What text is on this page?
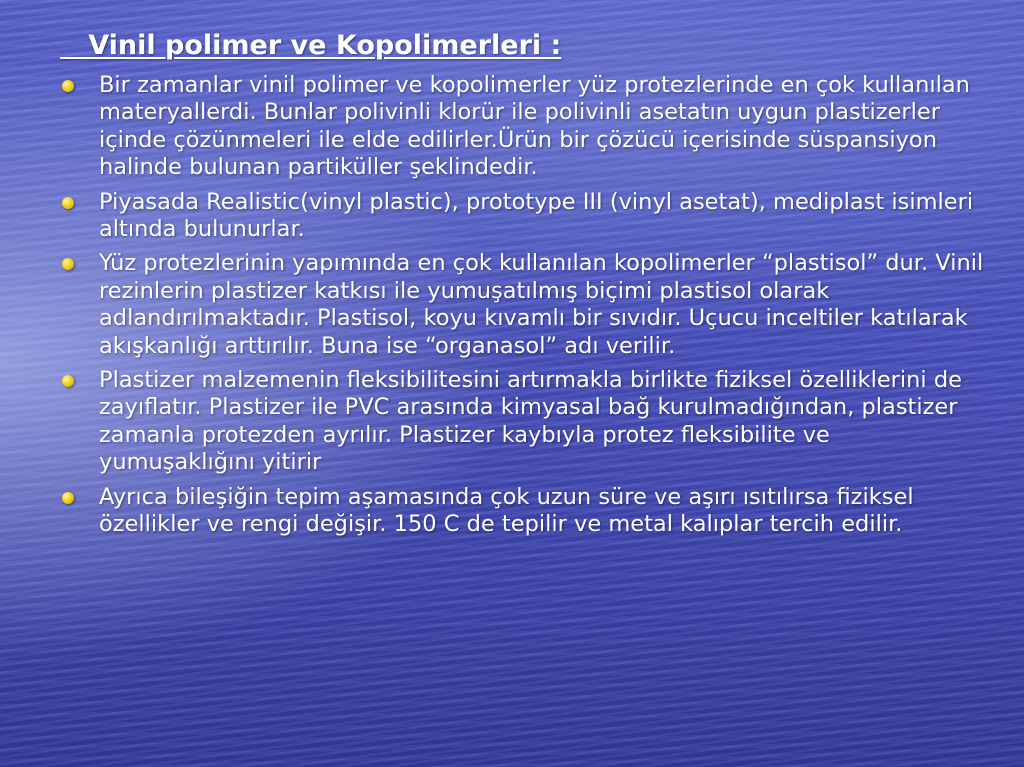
Vinil polimer ve Kopolimerleri :
Bir zamanlar vinil polimer ve kopolimerler yüz protezlerinde en çok kullanılan materyallerdi. Bunlar polivinli klorür ile polivinli asetatın uygun plastizerler içinde çözünmeleri ile elde edilirler.Ürün bir çözücü içerisinde süspansiyon halinde bulunan partiküller şeklindedir.
Piyasada Realistic(vinyl plastic), prototype III (vinyl asetat), mediplast isimleri altında bulunurlar.
Yüz protezlerinin yapımında en çok kullanılan kopolimerler “plastisol” dur. Vinil rezinlerin plastizer katkısı ile yumuşatılmış biçimi plastisol olarak adlandırılmaktadır. Plastisol, koyu kıvamlı bir sıvıdır. Uçucu inceltiler katılarak akışkanlığı arttırılır. Buna ise “organasol” adı verilir.
Plastizer malzemenin fleksibilitesini artırmakla birlikte fiziksel özelliklerini de zayıflatır. Plastizer ile PVC arasında kimyasal bağ kurulmadığından, plastizer zamanla protezden ayrılır. Plastizer kaybıyla protez fleksibilite ve yumuşaklığını yitirir
Ayrıca bileşiğin tepim aşamasında çok uzun süre ve aşırı ısıtılırsa fiziksel özellikler ve rengi değişir. 150 C de tepilir ve metal kalıplar tercih edilir.
